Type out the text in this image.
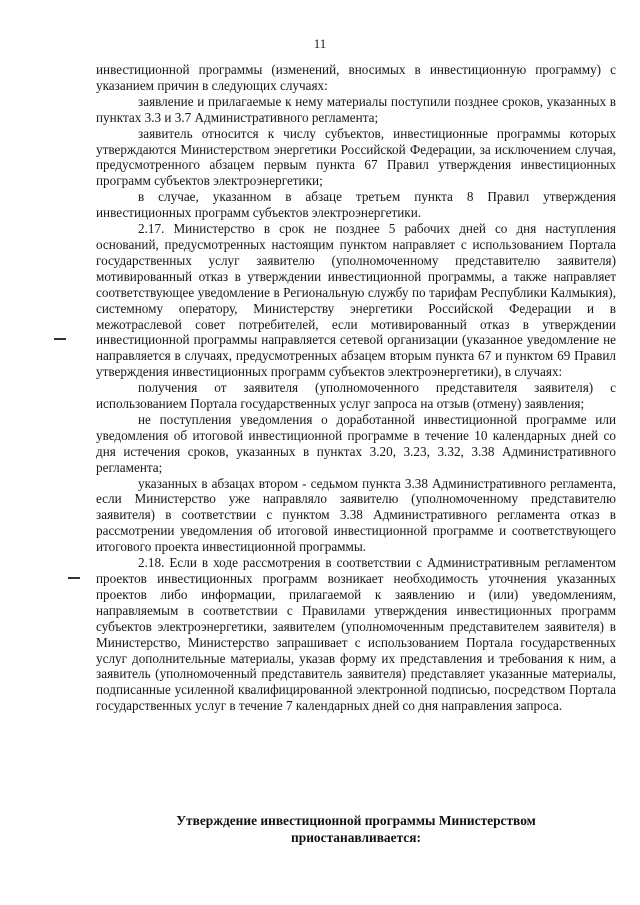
11

инвестиционной программы (изменений, вносимых в инвестиционную программу) с указанием причин в следующих случаях:

заявление и прилагаемые к нему материалы поступили позднее сроков, указанных в пунктах 3.3 и 3.7 Административного регламента;

заявитель относится к числу субъектов, инвестиционные программы которых утверждаются Министерством энергетики Российской Федерации, за исключением случая, предусмотренного абзацем первым пункта 67 Правил утверждения инвестиционных программ субъектов электроэнергетики;

в случае, указанном в абзаце третьем пункта 8 Правил утверждения инвестиционных программ субъектов электроэнергетики.

2.17. Министерство в срок не позднее 5 рабочих дней со дня наступления оснований, предусмотренных настоящим пунктом направляет с использованием Портала государственных услуг заявителю (уполномоченному представителю заявителя) мотивированный отказ в утверждении инвестиционной программы, а также направляет соответствующее уведомление в Региональную службу по тарифам Республики Калмыкия), системному оператору, Министерству энергетики Российской Федерации и в межотраслевой совет потребителей, если мотивированный отказ в утверждении инвестиционной программы направляется сетевой организации (указанное уведомление не направляется в случаях, предусмотренных абзацем вторым пункта 67 и пунктом 69 Правил утверждения инвестиционных программ субъектов электроэнергетики), в случаях:

получения от заявителя (уполномоченного представителя заявителя) с использованием Портала государственных услуг запроса на отзыв (отмену) заявления;

не поступления уведомления о доработанной инвестиционной программе или уведомления об итоговой инвестиционной программе в течение 10 календарных дней со дня истечения сроков, указанных в пунктах 3.20, 3.23, 3.32, 3.38 Административного регламента;

указанных в абзацах втором - седьмом пункта 3.38 Административного регламента, если Министерство уже направляло заявителю (уполномоченному представителю заявителя) в соответствии с пунктом 3.38 Административного регламента отказ в рассмотрении уведомления об итоговой инвестиционной программе и соответствующего итогового проекта инвестиционной программы.

2.18. Если в ходе рассмотрения в соответствии с Административным регламентом проектов инвестиционных программ возникает необходимость уточнения указанных проектов либо информации, прилагаемой к заявлению и (или) уведомлениям, направляемым в соответствии с Правилами утверждения инвестиционных программ субъектов электроэнергетики, заявителем (уполномоченным представителем заявителя) в Министерство, Министерство запрашивает с использованием Портала государственных услуг дополнительные материалы, указав форму их представления и требования к ним, а заявитель (уполномоченный представитель заявителя) представляет указанные материалы, подписанные усиленной квалифицированной электронной подписью, посредством Портала государственных услуг в течение 7 календарных дней со дня направления запроса.

Утверждение инвестиционной программы Министерством
приостанавливается:
